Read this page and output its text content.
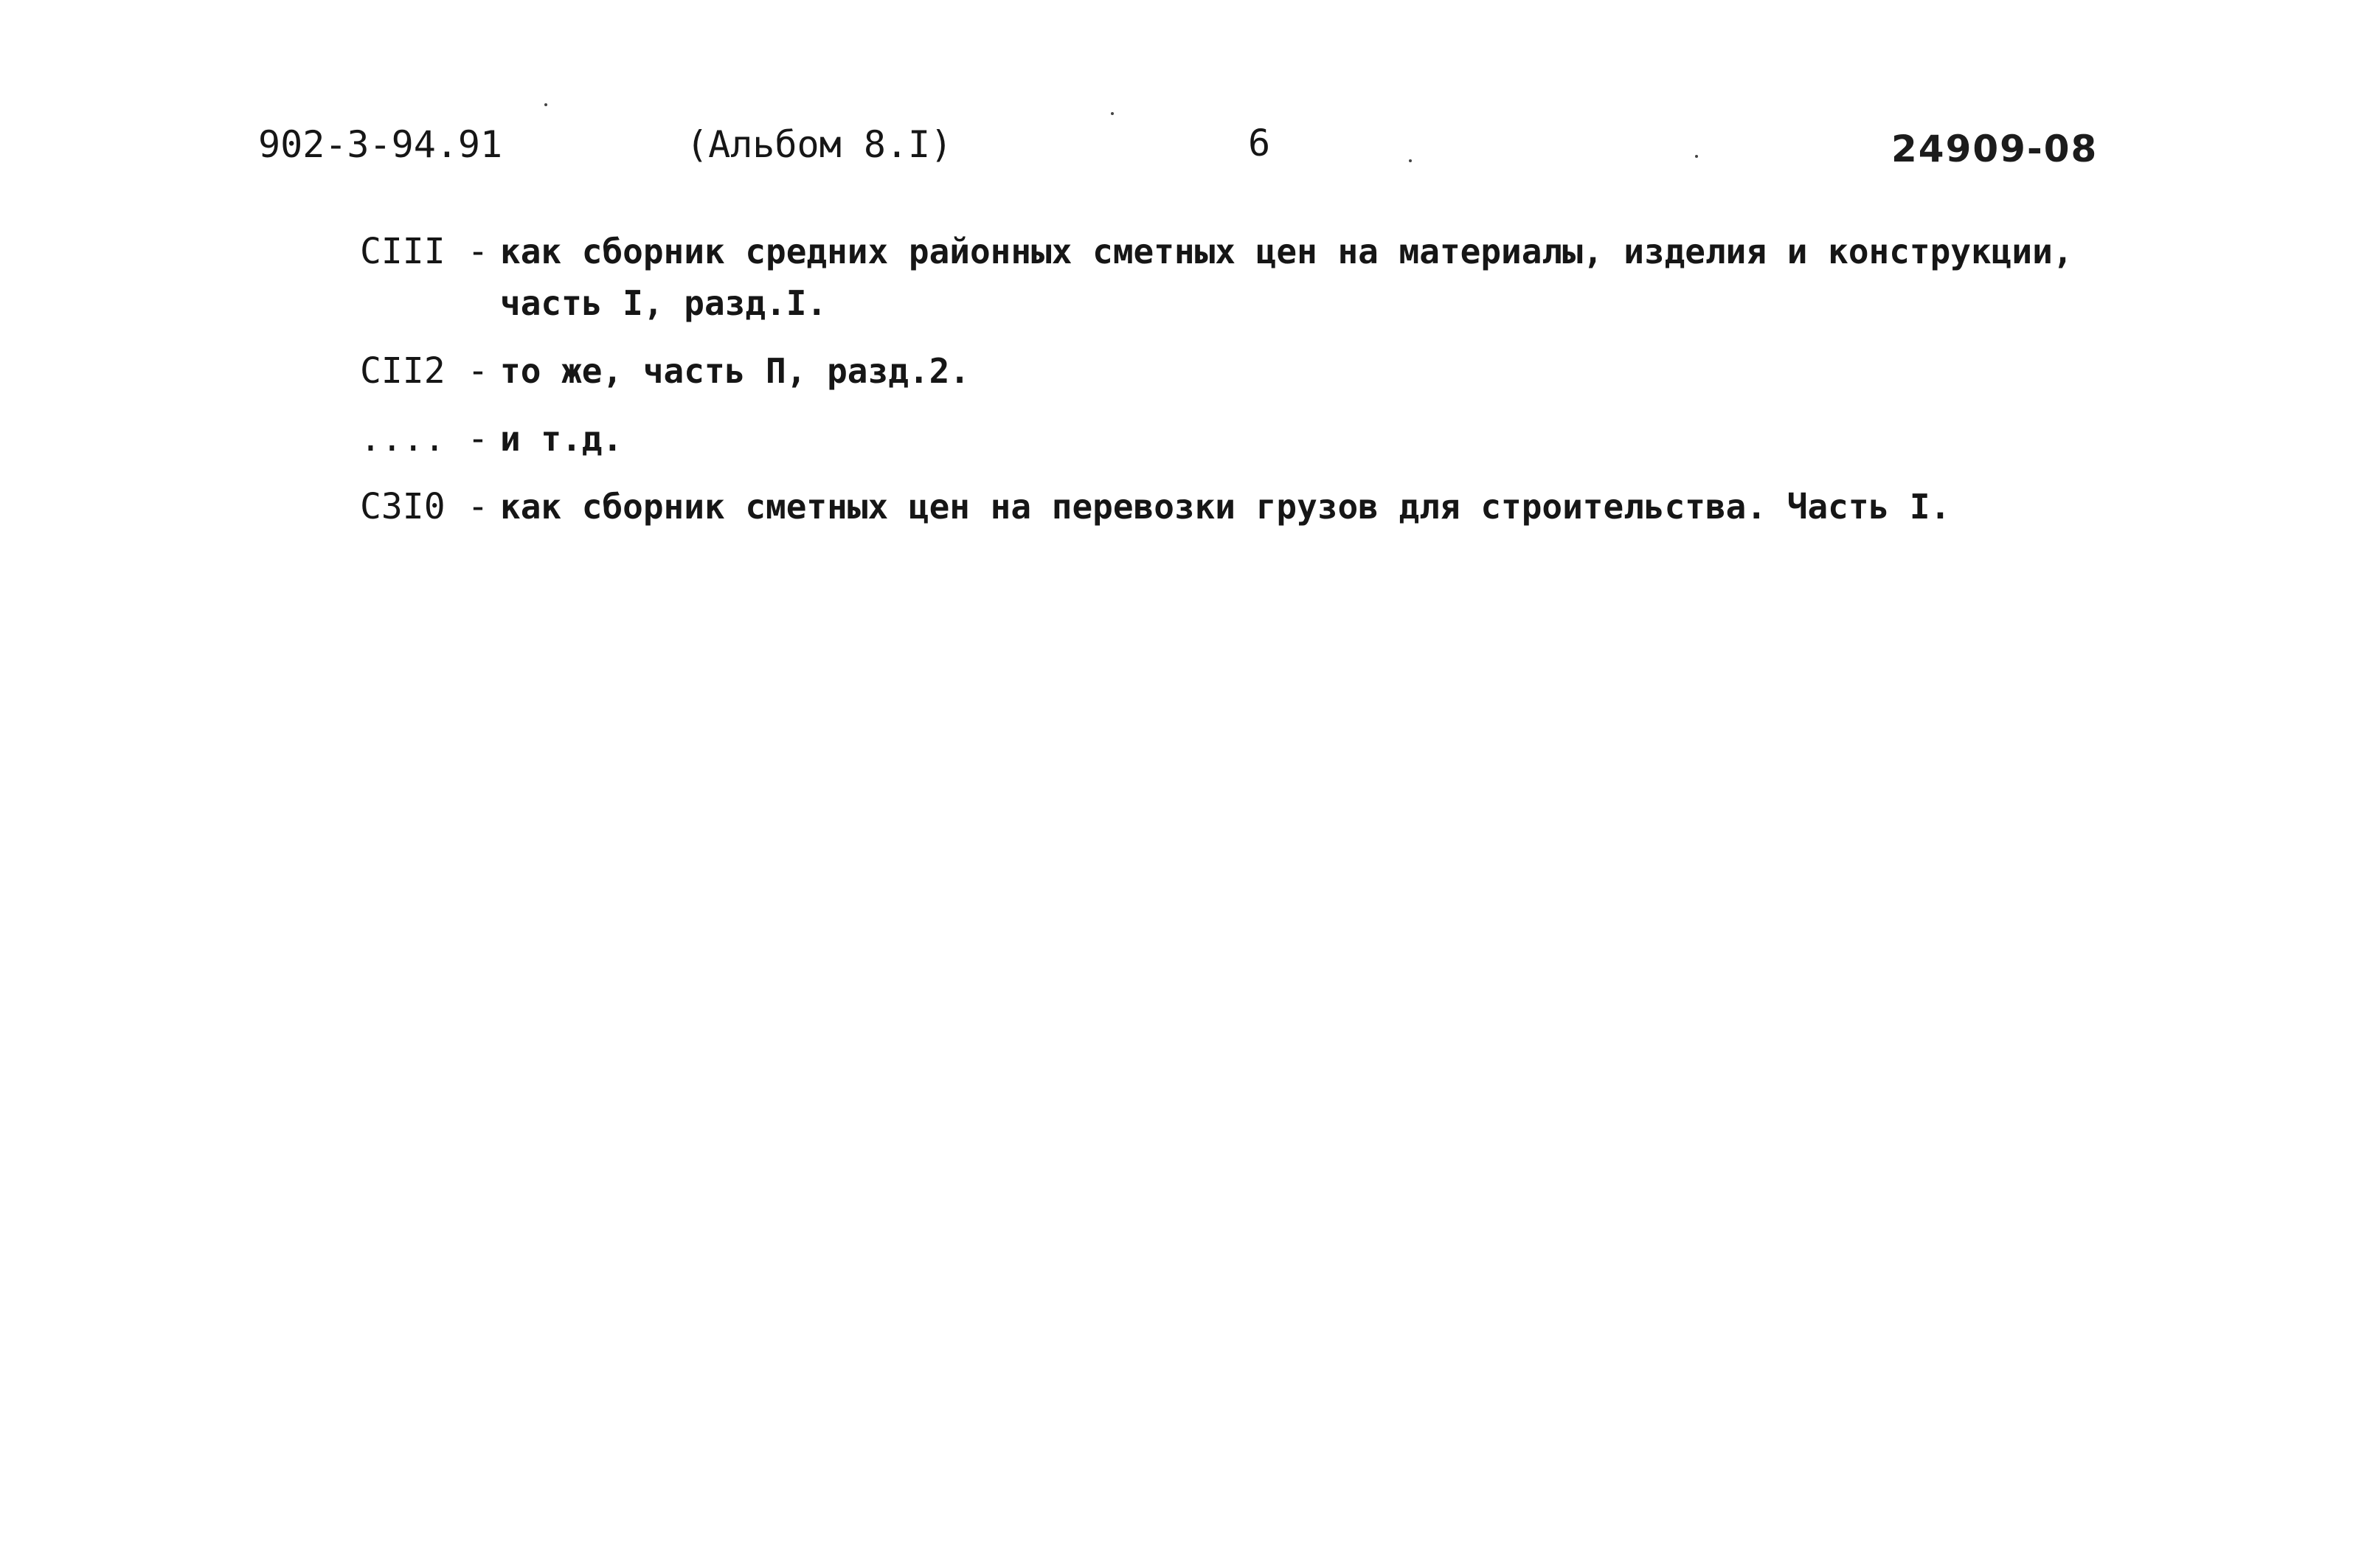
902-3-94.91	(Альбом 8.I)	6	24909-08
CIII - как сборник средних районных сметных цен на материалы, изделия и конструкции, часть I, разд.I.
CII2 - то же, часть П, разд.2.
.... - и т.д.
C3I0 - как сборник сметных цен на перевозки грузов для строительства. Часть I.
